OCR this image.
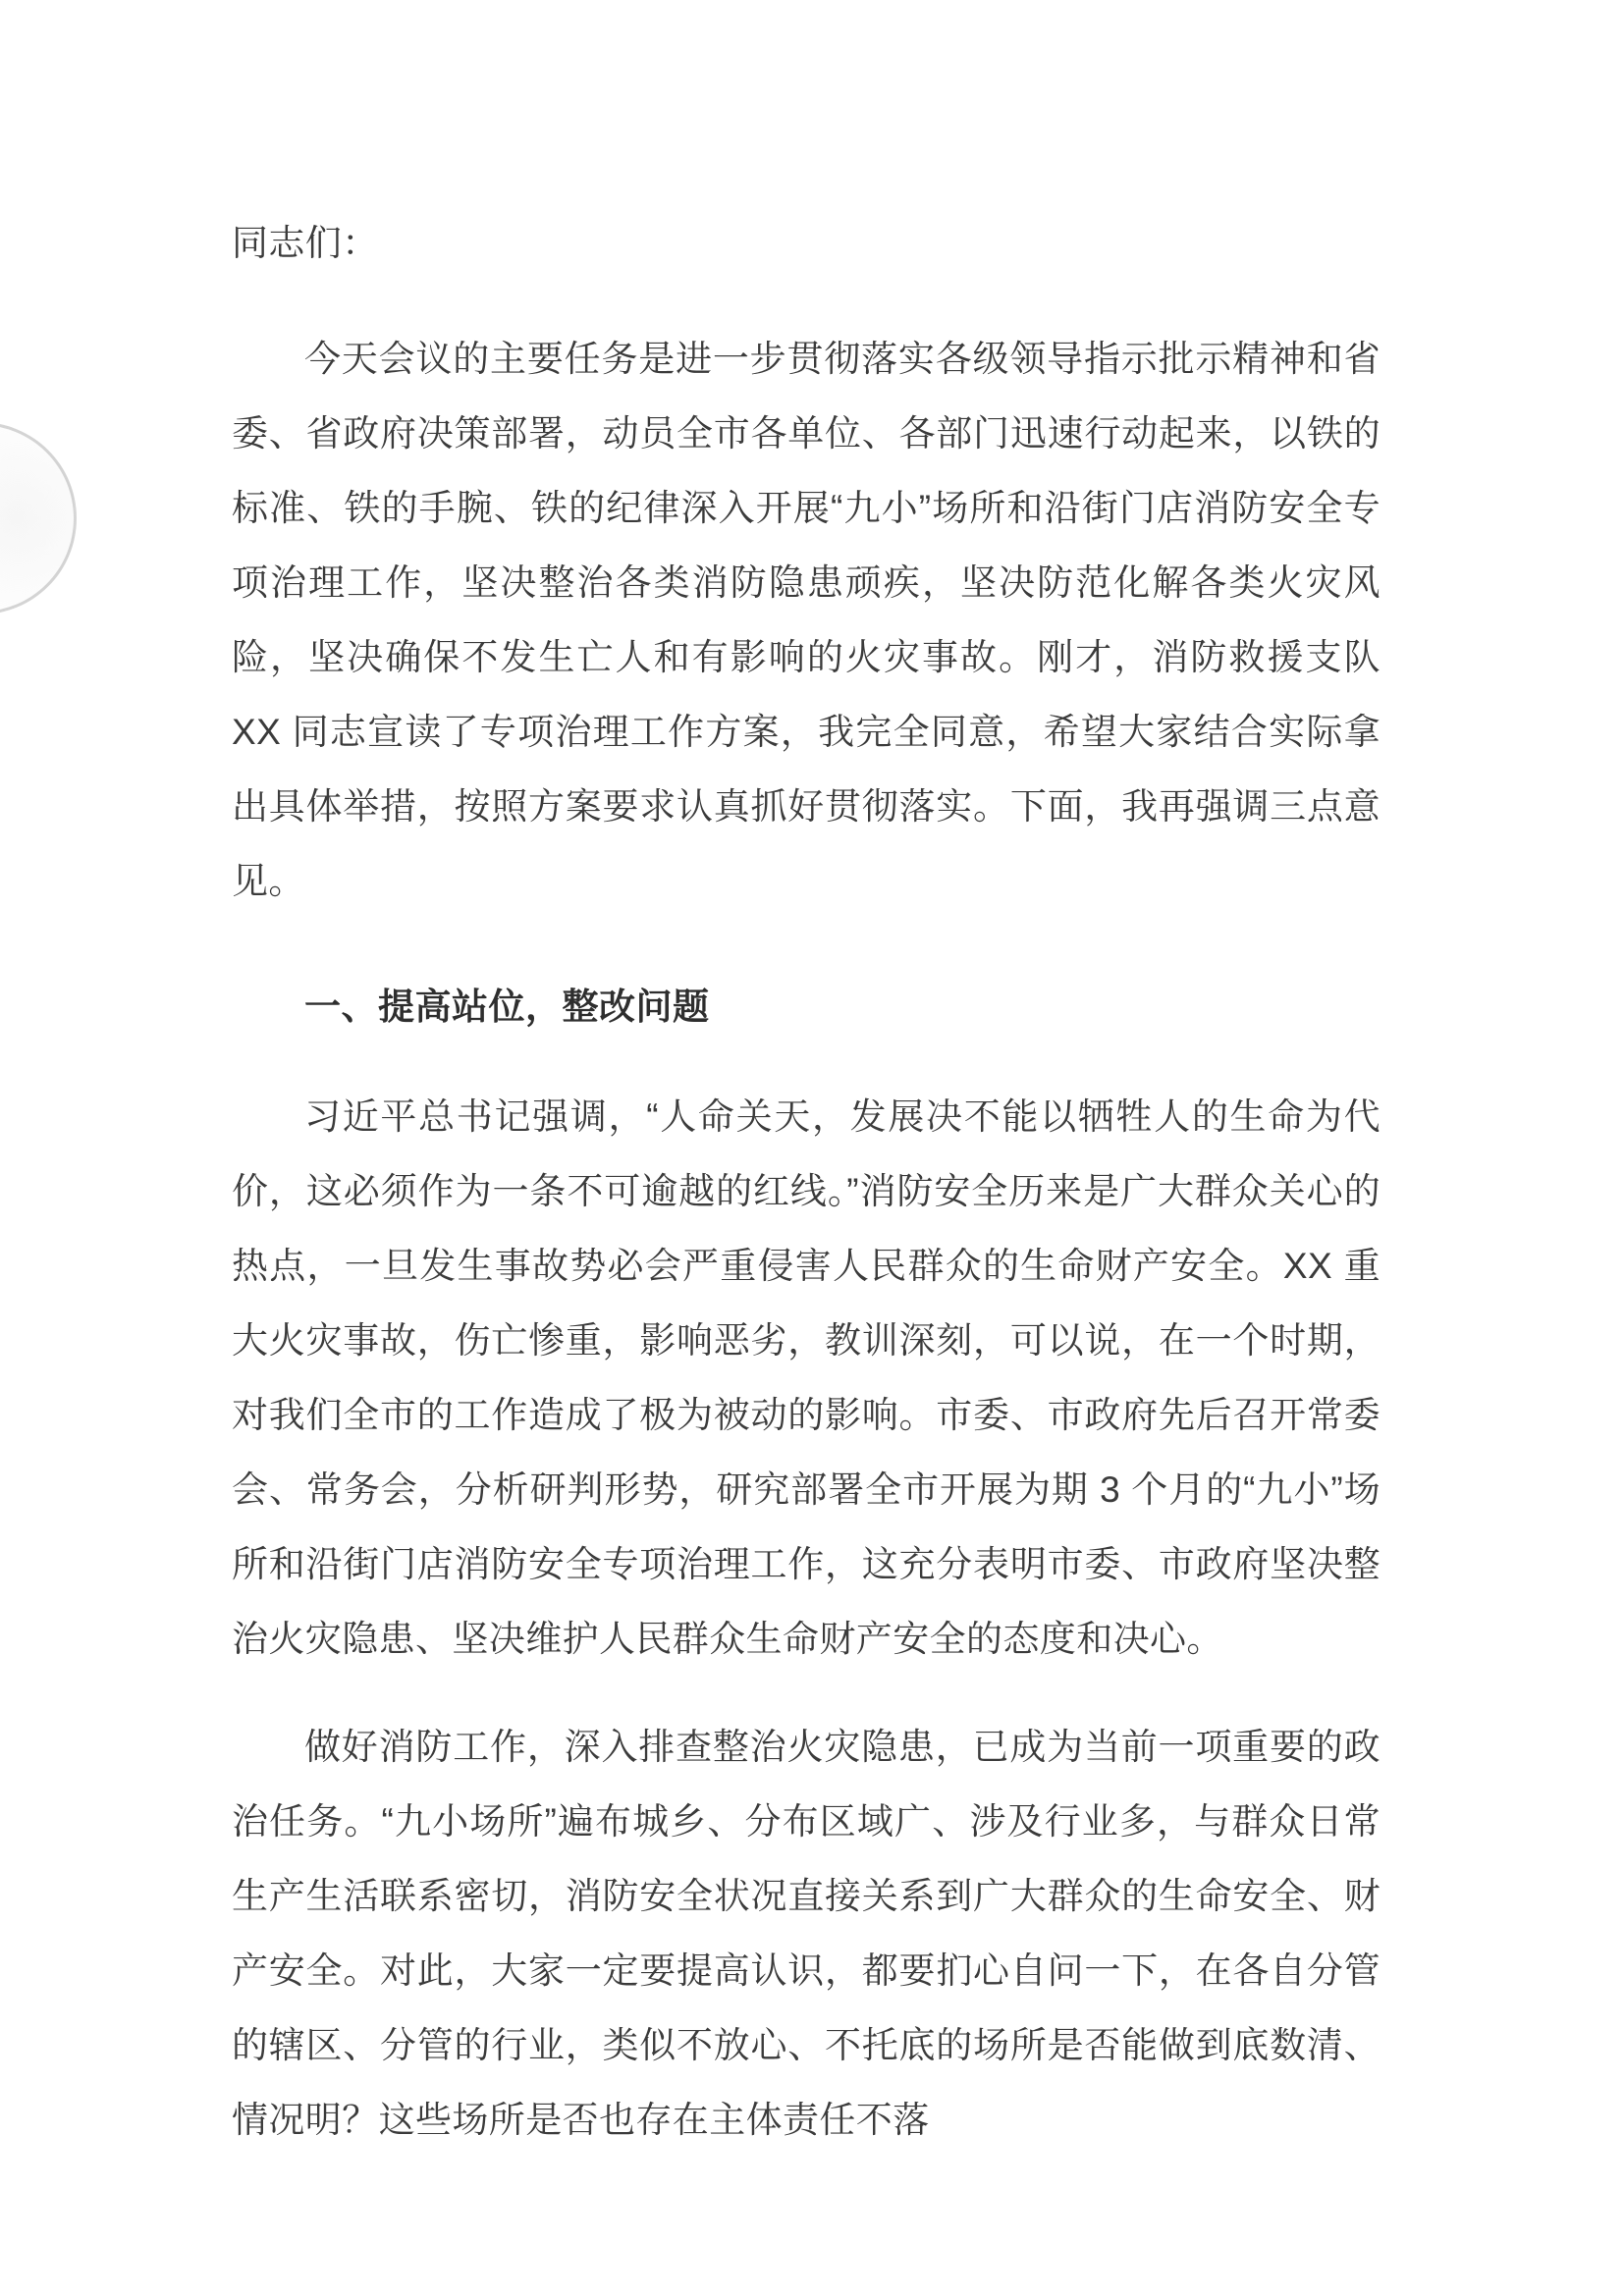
同志们：

今天会议的主要任务是进一步贯彻落实各级领导指示批示精神和省委、省政府决策部署，动员全市各单位、各部门迅速行动起来，以铁的标准、铁的手腕、铁的纪律深入开展“九小”场所和沿街门店消防安全专项治理工作，坚决整治各类消防隐患顽疾，坚决防范化解各类火灾风险，坚决确保不发生亡人和有影响的火灾事故。刚才，消防救援支队 XX 同志宣读了专项治理工作方案，我完全同意，希望大家结合实际拿出具体举措，按照方案要求认真抓好贯彻落实。下面，我再强调三点意见。

一、提高站位，整改问题

习近平总书记强调，“人命关天，发展决不能以牺牲人的生命为代价，这必须作为一条不可逾越的红线。”消防安全历来是广大群众关心的热点，一旦发生事故势必会严重侵害人民群众的生命财产安全。XX 重大火灾事故，伤亡惨重，影响恶劣，教训深刻，可以说，在一个时期，对我们全市的工作造成了极为被动的影响。市委、市政府先后召开常委会、常务会，分析研判形势，研究部署全市开展为期 3 个月的“九小”场所和沿街门店消防安全专项治理工作，这充分表明市委、市政府坚决整治火灾隐患、坚决维护人民群众生命财产安全的态度和决心。

做好消防工作，深入排查整治火灾隐患，已成为当前一项重要的政治任务。“九小场所”遍布城乡、分布区域广、涉及行业多，与群众日常生产生活联系密切，消防安全状况直接关系到广大群众的生命安全、财产安全。对此，大家一定要提高认识，都要扪心自问一下，在各自分管的辖区、分管的行业，类似不放心、不托底的场所是否能做到底数清、情况明？这些场所是否也存在主体责任不落
